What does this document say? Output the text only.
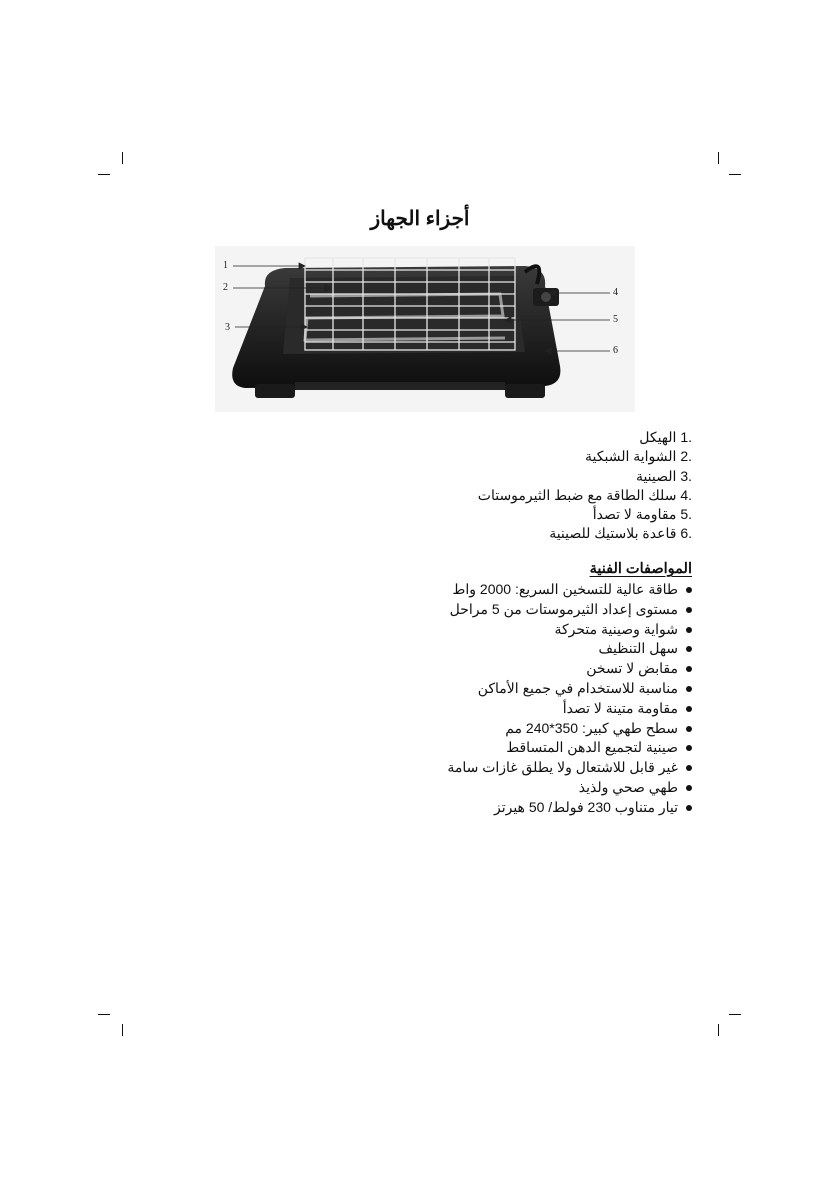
أجزاء الجهاز
1
2
3
4
5
6
.1 الهيكل
.2 الشواية الشبكية
.3 الصينية
.4 سلك الطاقة مع ضبط الثيرموستات
.5 مقاومة لا تصدأ
.6 قاعدة بلاستيك للصينية
المواصفات الفنية
طاقة عالية للتسخين السريع: 2000 واط
مستوى إعداد الثيرموستات من 5 مراحل
شواية وصينية متحركة
سهل التنظيف
مقابض لا تسخن
مناسبة للاستخدام في جميع الأماكن
مقاومة متينة لا تصدأ
سطح طهي كبير: 350*240 مم
صينية لتجميع الدهن المتساقط
غير قابل للاشتعال ولا يطلق غازات سامة
طهي صحي ولذيذ
تيار متناوب 230 فولط/ 50 هيرتز
